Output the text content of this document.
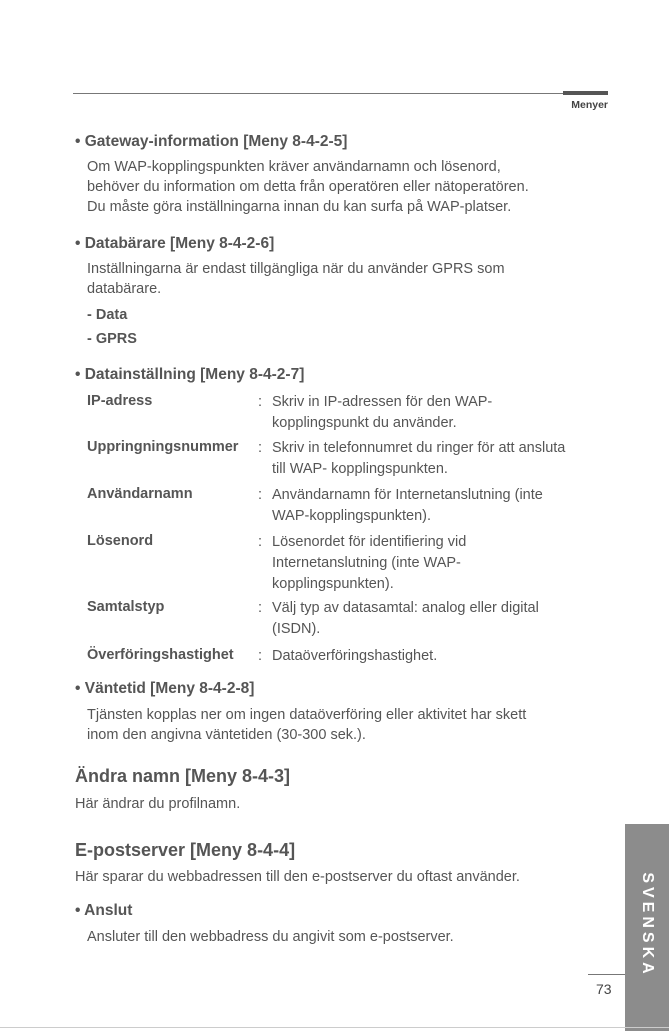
Menyer
• Gateway-information [Meny 8-4-2-5]
Om WAP-kopplingspunkten kräver användarnamn och lösenord,
behöver du information om detta från operatören eller nätoperatören.
Du måste göra inställningarna innan du kan surfa på WAP-platser.
• Databärare [Meny 8-4-2-6]
Inställningarna är endast tillgängliga när du använder GPRS som
databärare.
- Data
- GPRS
• Datainställning [Meny 8-4-2-7]
IP-adress	: Skriv in IP-adressen för den WAP-
kopplingspunkt du använder.
Uppringningsnummer : Skriv in telefonnumret du ringer för att ansluta
till WAP- kopplingspunkten.
Användarnamn	: Användarnamn för Internetanslutning (inte
WAP-kopplingspunkten).
Lösenord	: Lösenordet för identifiering vid
Internetanslutning (inte WAP-
kopplingspunkten).
Samtalstyp	: Välj typ av datasamtal: analog eller digital
(ISDN).
Överföringshastighet : Dataöverföringshastighet.
• Väntetid [Meny 8-4-2-8]
Tjänsten kopplas ner om ingen dataöverföring eller aktivitet har skett
inom den angivna väntetiden (30-300 sek.).
Ändra namn [Meny 8-4-3]
Här ändrar du profilnamn.
E-postserver [Meny 8-4-4]
Här sparar du webbadressen till den e-postserver du oftast använder.
• Anslut
Ansluter till den webbadress du angivit som e-postserver.	SVENSKA
73
